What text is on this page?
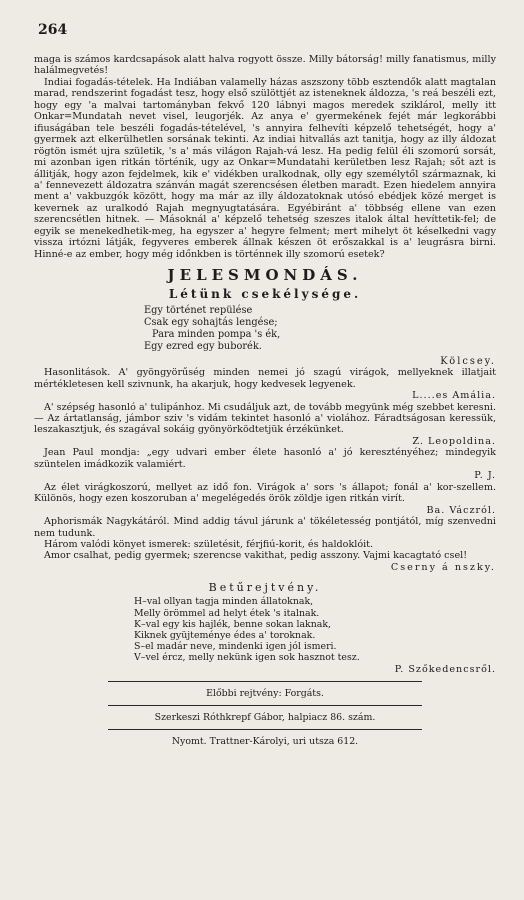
264

maga is számos kardcsapások alatt halva rogyott össze. Milly bátorság! milly fanatismus, milly halálmegvetés!

Indiai fogadás-tételek. Ha Indiában valamelly házas aszszony több esztendők alatt magtalan marad, rendszerint fogadást tesz, hogy első szülöttjét az isteneknek áldozza, 's reá beszéli ezt, hogy egy 'a malvai tartományban fekvő 120 lábnyi magos meredek sziklárol, melly itt Onkar=Mundatah nevet visel, leugorjék. Az anya e' gyermekének fejét már legkorábbi ifiuságában tele beszéli fogadás-tételével, 's annyira felhevíti képzelő tehetségét, hogy a' gyermek azt elkerülhetlen sorsának tekinti. Az indiai hitvallás azt tanitja, hogy az illy áldozat rögtön ismét ujra születik, 's a' más világon Rajah-vá lesz. Ha pedig felül éli szomorú sorsát, mi azonban igen ritkán történik, ugy az Onkar=Mundatahi kerületben lesz Rajah; sőt azt is állitják, hogy azon fejdelmek, kik e' vidékben uralkodnak, olly egy személytől származnak, ki a' fennevezett áldozatra szánván magát szerencsésen életben maradt. Ezen hiedelem annyira ment a' vakbuzgók között, hogy ma már az illy áldozatoknak utósó ebédjek közé merget is kevernek az uralkodó Rajah megnyugtatására. Egyébiránt a' többség ellene van ezen szerencsétlen hitnek. — Másoknál a' képzelő tehetség szeszes italok által hevíttetik-fel; de egyik se menekedhetik-meg, ha egyszer a' hegyre felment; mert mihelyt öt késelkedni vagy vissza irtózni látják, fegyveres emberek állnak készen öt erőszakkal is a' leugrásra birni. Hinné-e az ember, hogy még időnkben is történnek illy szomorú esetek?

JELESMONDÁS.
Létünk csekélysége.
Egy történet repülése
Csak egy sohajtás lengése;
Para minden pompa 's ék,
Egy ezred egy buborék.
Kölcsey.

Hasonlitások. A' gyöngyörűség minden nemei jó szagú virágok, mellyeknek illatjait mértékletesen kell szivnunk, ha akarjuk, hogy kedvesek legyenek.

L....es Amália.

A' szépség hasonló a' tulipánhoz. Mi csudáljuk azt, de tovább megyünk még szebbet keresni. — Az ártatlanság, jámbor sziv 's vidám tekintet hasonló a' violához. Fáradtságosan keressük, leszakasztjuk, és szagával sokáig gyönyörködtetjük érzékünket.

Z. Leopoldina.

Jean Paul mondja: „egy udvari ember élete hasonló a' jó keresztényéhez; mindegyik szüntelen imádkozik valamiért.

P. J.

Az élet virágkoszorú, mellyet az idő fon. Virágok a' sors 's állapot; fonál a' kor-szellem. Különös, hogy ezen koszoruban a' megelégedés örök zöldje igen ritkán virít.

Ba. Váczról.

Aphorismák Nagykátáról. Mind addig távul járunk a' tökéletesség pontjától, míg szenvedni nem tudunk.

Három valódi könyet ismerek: születésit, férjfiú-korit, és haldoklóit.

Amor csalhat, pedig gyermek; szerencse vakithat, pedig asszony. Vajmi kacagtató csel!

Cserny á nszky.
Betűrejtvény.
H–val ollyan tagja minden állatoknak,
Melly örömmel ad helyt étek 's italnak.
K–val egy kis hajlék, benne sokan laknak,
Kiknek gyüjteménye édes a' toroknak.
S–el madár neve, mindenki igen jól ismeri.
V–vel ércz, melly nekünk igen sok hasznot tesz.
P. Szőkedencsről.
Előbbi rejtvény: Forgáts.
Szerkeszi Róthkrepf Gábor, halpiacz 86. szám.
Nyomt. Trattner-Károlyi, uri utsza 612.
